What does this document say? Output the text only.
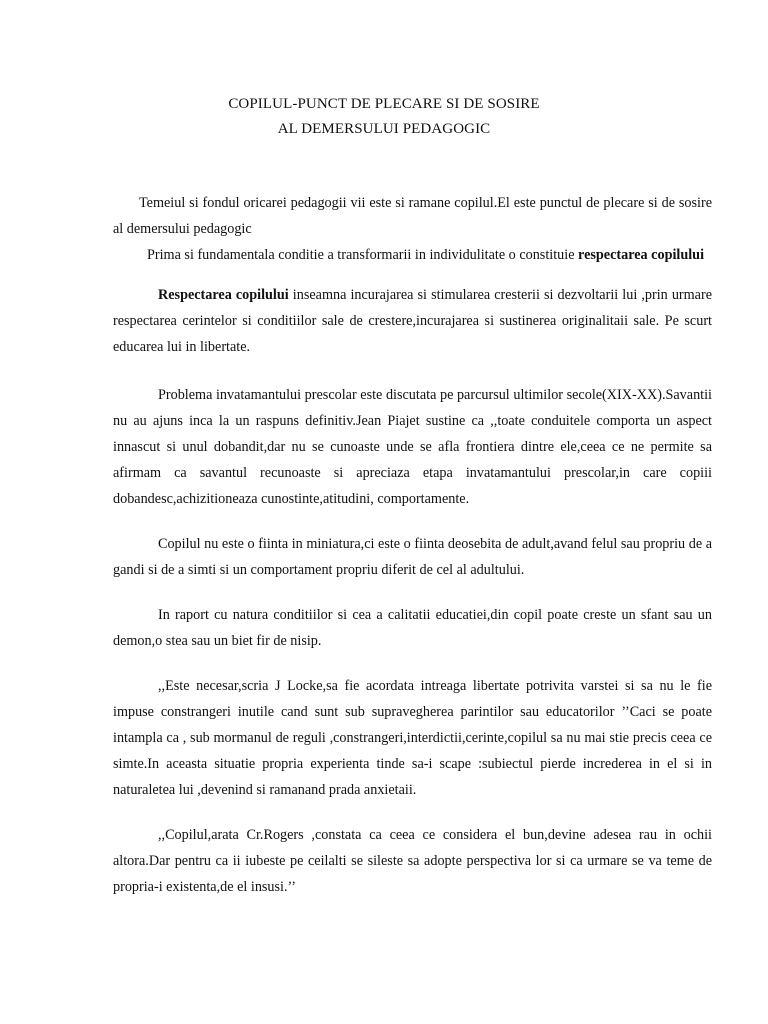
COPILUL-PUNCT DE PLECARE SI DE SOSIRE
AL DEMERSULUI PEDAGOGIC

Temeiul si fondul oricarei pedagogii vii este si ramane copilul.El este punctul de plecare si de sosire al demersului pedagogic

Prima si fundamentala conditie a transformarii in individulitate o constituie respectarea copilului

Respectarea copilului inseamna incurajarea si stimularea cresterii si dezvoltarii lui ,prin urmare respectarea cerintelor si conditiilor sale de crestere,incurajarea si sustinerea originalitaii sale. Pe scurt educarea lui in libertate.

Problema invatamantului prescolar este discutata pe parcursul ultimilor secole(XIX-XX).Savantii nu au ajuns inca la un raspuns definitiv.Jean Piajet sustine ca ,,toate conduitele comporta un aspect innascut si unul dobandit,dar nu se cunoaste unde se afla frontiera dintre ele,ceea ce ne permite sa afirmam ca savantul recunoaste si apreciaza etapa invatamantului prescolar,in care copiii dobandesc,achizitioneaza cunostinte,atitudini, comportamente.

Copilul nu este o fiinta in miniatura,ci este o fiinta deosebita de adult,avand felul sau propriu de a gandi si de a simti si un comportament propriu diferit de cel al adultului.

In raport cu natura conditiilor si cea a calitatii educatiei,din copil poate creste un sfant sau un demon,o stea sau un biet fir de nisip.

,,Este necesar,scria J Locke,sa fie acordata intreaga libertate potrivita varstei si sa nu le fie impuse constrangeri inutile cand sunt sub supravegherea parintilor sau educatorilor ’’Caci se poate intampla ca , sub mormanul de reguli ,constrangeri,interdictii,cerinte,copilul sa nu mai stie precis ceea ce simte.In aceasta situatie propria experienta tinde sa-i scape :subiectul pierde increderea in el si in naturaletea lui ,devenind si ramanand prada anxietaii.

,,Copilul,arata Cr.Rogers ,constata ca ceea ce considera el bun,devine adesea rau in ochii altora.Dar pentru ca ii iubeste pe ceilalti se sileste sa adopte perspectiva lor si ca urmare se va teme de propria-i existenta,de el insusi.’’
